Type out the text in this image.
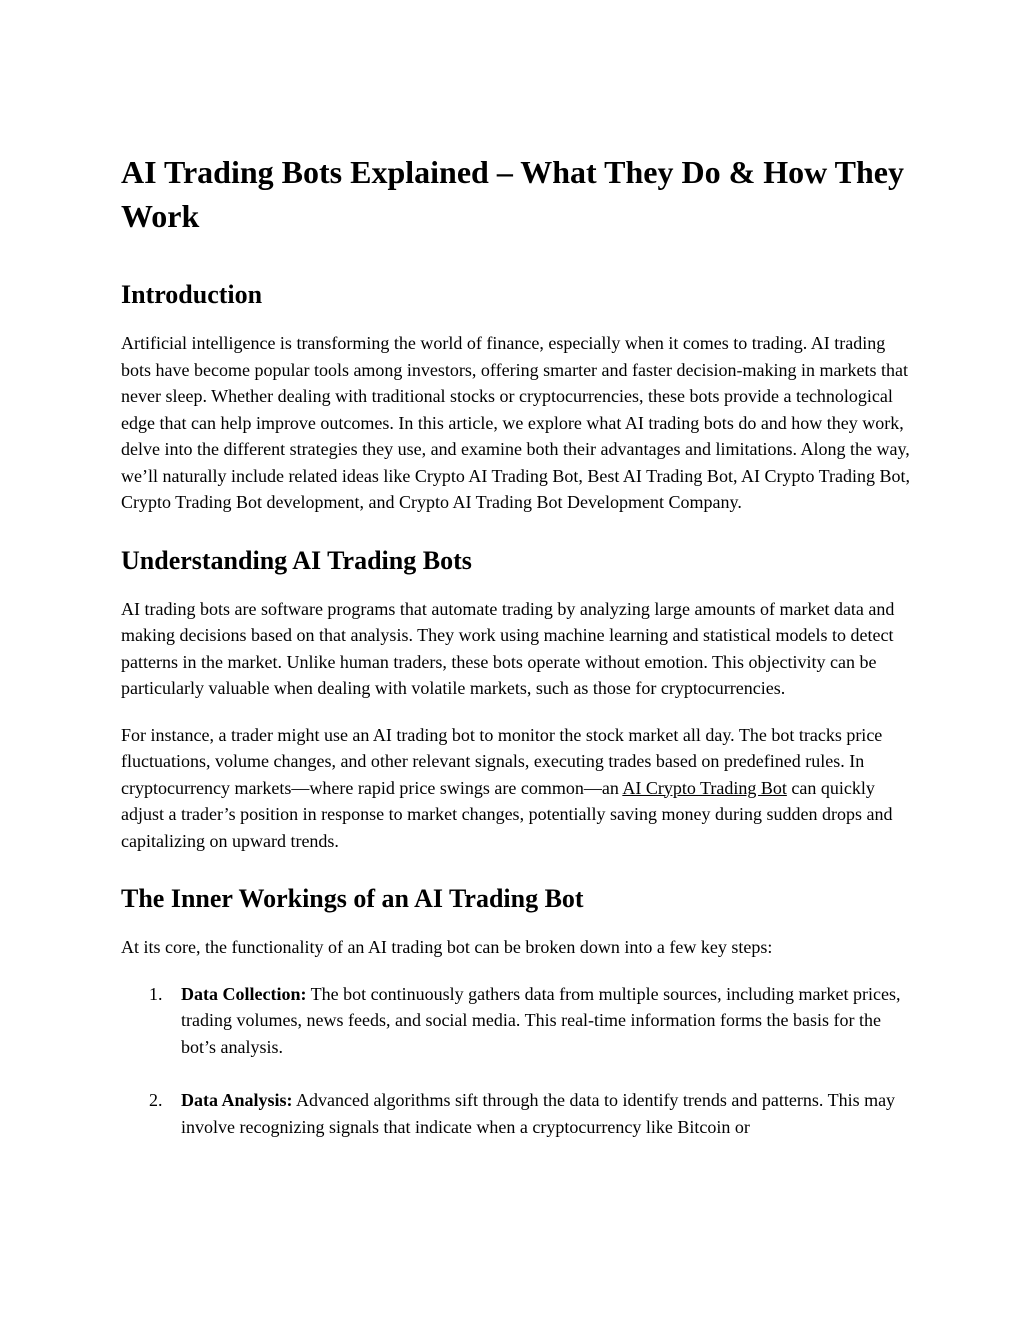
AI Trading Bots Explained – What They Do & How They Work
Introduction

Artificial intelligence is transforming the world of finance, especially when it comes to trading. AI trading bots have become popular tools among investors, offering smarter and faster decision-making in markets that never sleep. Whether dealing with traditional stocks or cryptocurrencies, these bots provide a technological edge that can help improve outcomes. In this article, we explore what AI trading bots do and how they work, delve into the different strategies they use, and examine both their advantages and limitations. Along the way, we’ll naturally include related ideas like Crypto AI Trading Bot, Best AI Trading Bot, AI Crypto Trading Bot, Crypto Trading Bot development, and Crypto AI Trading Bot Development Company.

Understanding AI Trading Bots

AI trading bots are software programs that automate trading by analyzing large amounts of market data and making decisions based on that analysis. They work using machine learning and statistical models to detect patterns in the market. Unlike human traders, these bots operate without emotion. This objectivity can be particularly valuable when dealing with volatile markets, such as those for cryptocurrencies.

For instance, a trader might use an AI trading bot to monitor the stock market all day. The bot tracks price fluctuations, volume changes, and other relevant signals, executing trades based on predefined rules. In cryptocurrency markets—where rapid price swings are common—an AI Crypto Trading Bot can quickly adjust a trader’s position in response to market changes, potentially saving money during sudden drops and capitalizing on upward trends.

The Inner Workings of an AI Trading Bot

At its core, the functionality of an AI trading bot can be broken down into a few key steps:

1. Data Collection: The bot continuously gathers data from multiple sources, including market prices, trading volumes, news feeds, and social media. This real-time information forms the basis for the bot’s analysis.
2. Data Analysis: Advanced algorithms sift through the data to identify trends and patterns. This may involve recognizing signals that indicate when a cryptocurrency like Bitcoin or
